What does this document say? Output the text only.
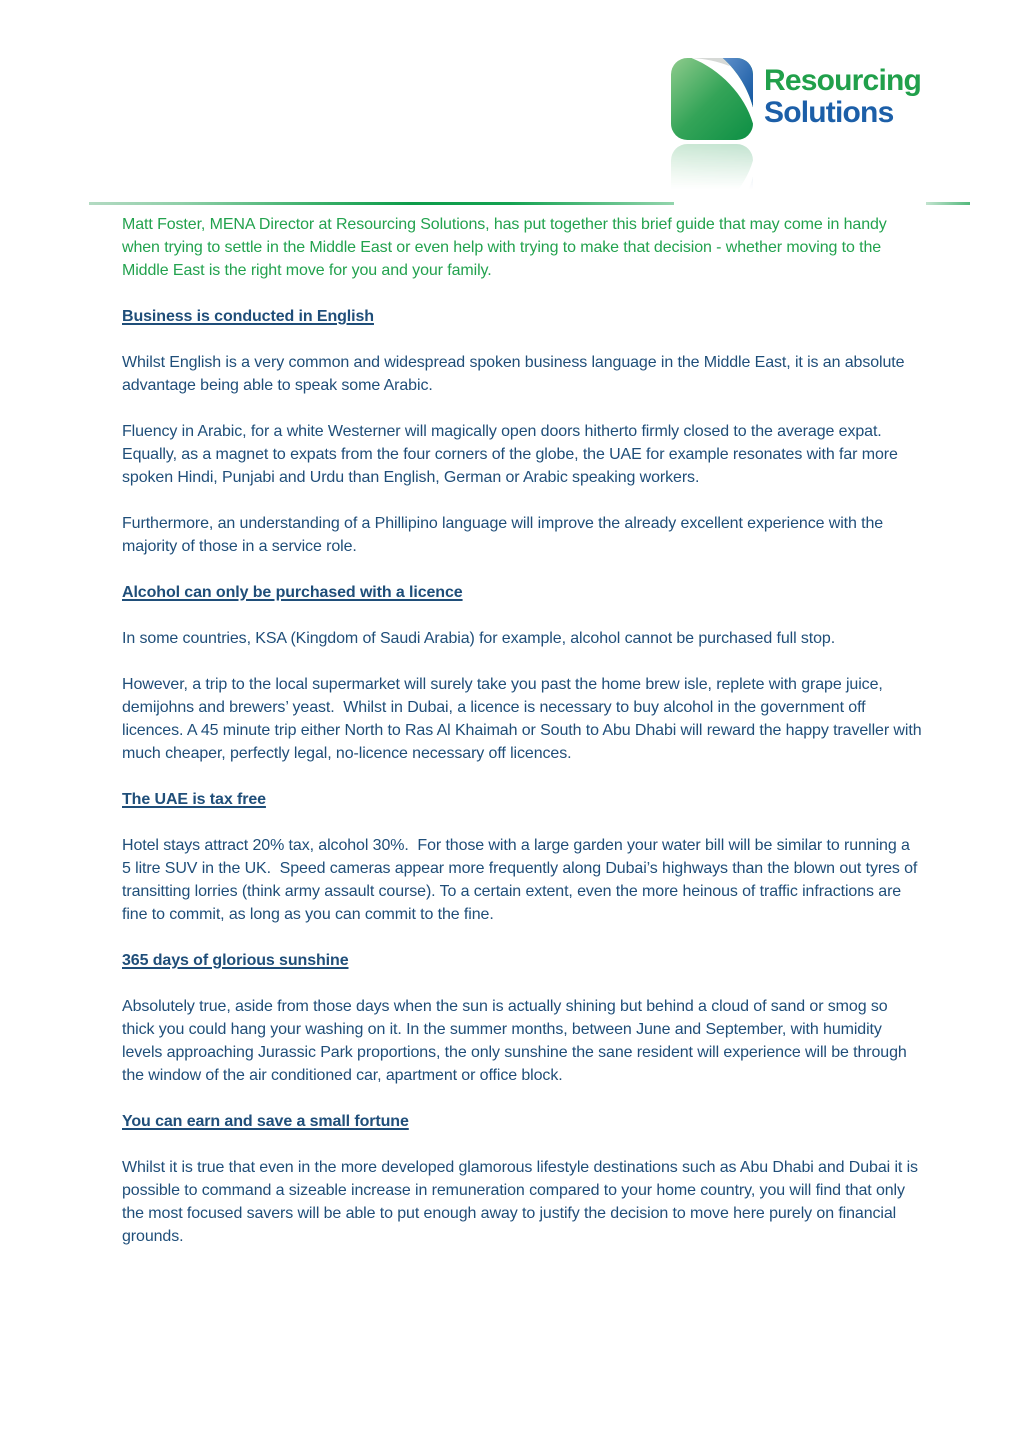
Resourcing
Solutions

Matt Foster, MENA Director at Resourcing Solutions, has put together this brief guide that may come in handy when trying to settle in the Middle East or even help with trying to make that decision - whether moving to the Middle East is the right move for you and your family.

Business is conducted in English

Whilst English is a very common and widespread spoken business language in the Middle East, it is an absolute advantage being able to speak some Arabic.

Fluency in Arabic, for a white Westerner will magically open doors hitherto firmly closed to the average expat.  Equally, as a magnet to expats from the four corners of the globe, the UAE for example resonates with far more spoken Hindi, Punjabi and Urdu than English, German or Arabic speaking workers.

Furthermore, an understanding of a Phillipino language will improve the already excellent experience with the majority of those in a service role.

Alcohol can only be purchased with a licence

In some countries, KSA (Kingdom of Saudi Arabia) for example, alcohol cannot be purchased full stop.

However, a trip to the local supermarket will surely take you past the home brew isle, replete with grape juice, demijohns and brewers’ yeast.  Whilst in Dubai, a licence is necessary to buy alcohol in the government off licences. A 45 minute trip either North to Ras Al Khaimah or South to Abu Dhabi will reward the happy traveller with much cheaper, perfectly legal, no-licence necessary off licences.

The UAE is tax free

Hotel stays attract 20% tax, alcohol 30%.  For those with a large garden your water bill will be similar to running a 5 litre SUV in the UK.  Speed cameras appear more frequently along Dubai’s highways than the blown out tyres of transitting lorries (think army assault course). To a certain extent, even the more heinous of traffic infractions are fine to commit, as long as you can commit to the fine.

365 days of glorious sunshine

Absolutely true, aside from those days when the sun is actually shining but behind a cloud of sand or smog so thick you could hang your washing on it. In the summer months, between June and September, with humidity levels approaching Jurassic Park proportions, the only sunshine the sane resident will experience will be through the window of the air conditioned car, apartment or office block.

You can earn and save a small fortune

Whilst it is true that even in the more developed glamorous lifestyle destinations such as Abu Dhabi and Dubai it is possible to command a sizeable increase in remuneration compared to your home country, you will find that only the most focused savers will be able to put enough away to justify the decision to move here purely on financial grounds.
